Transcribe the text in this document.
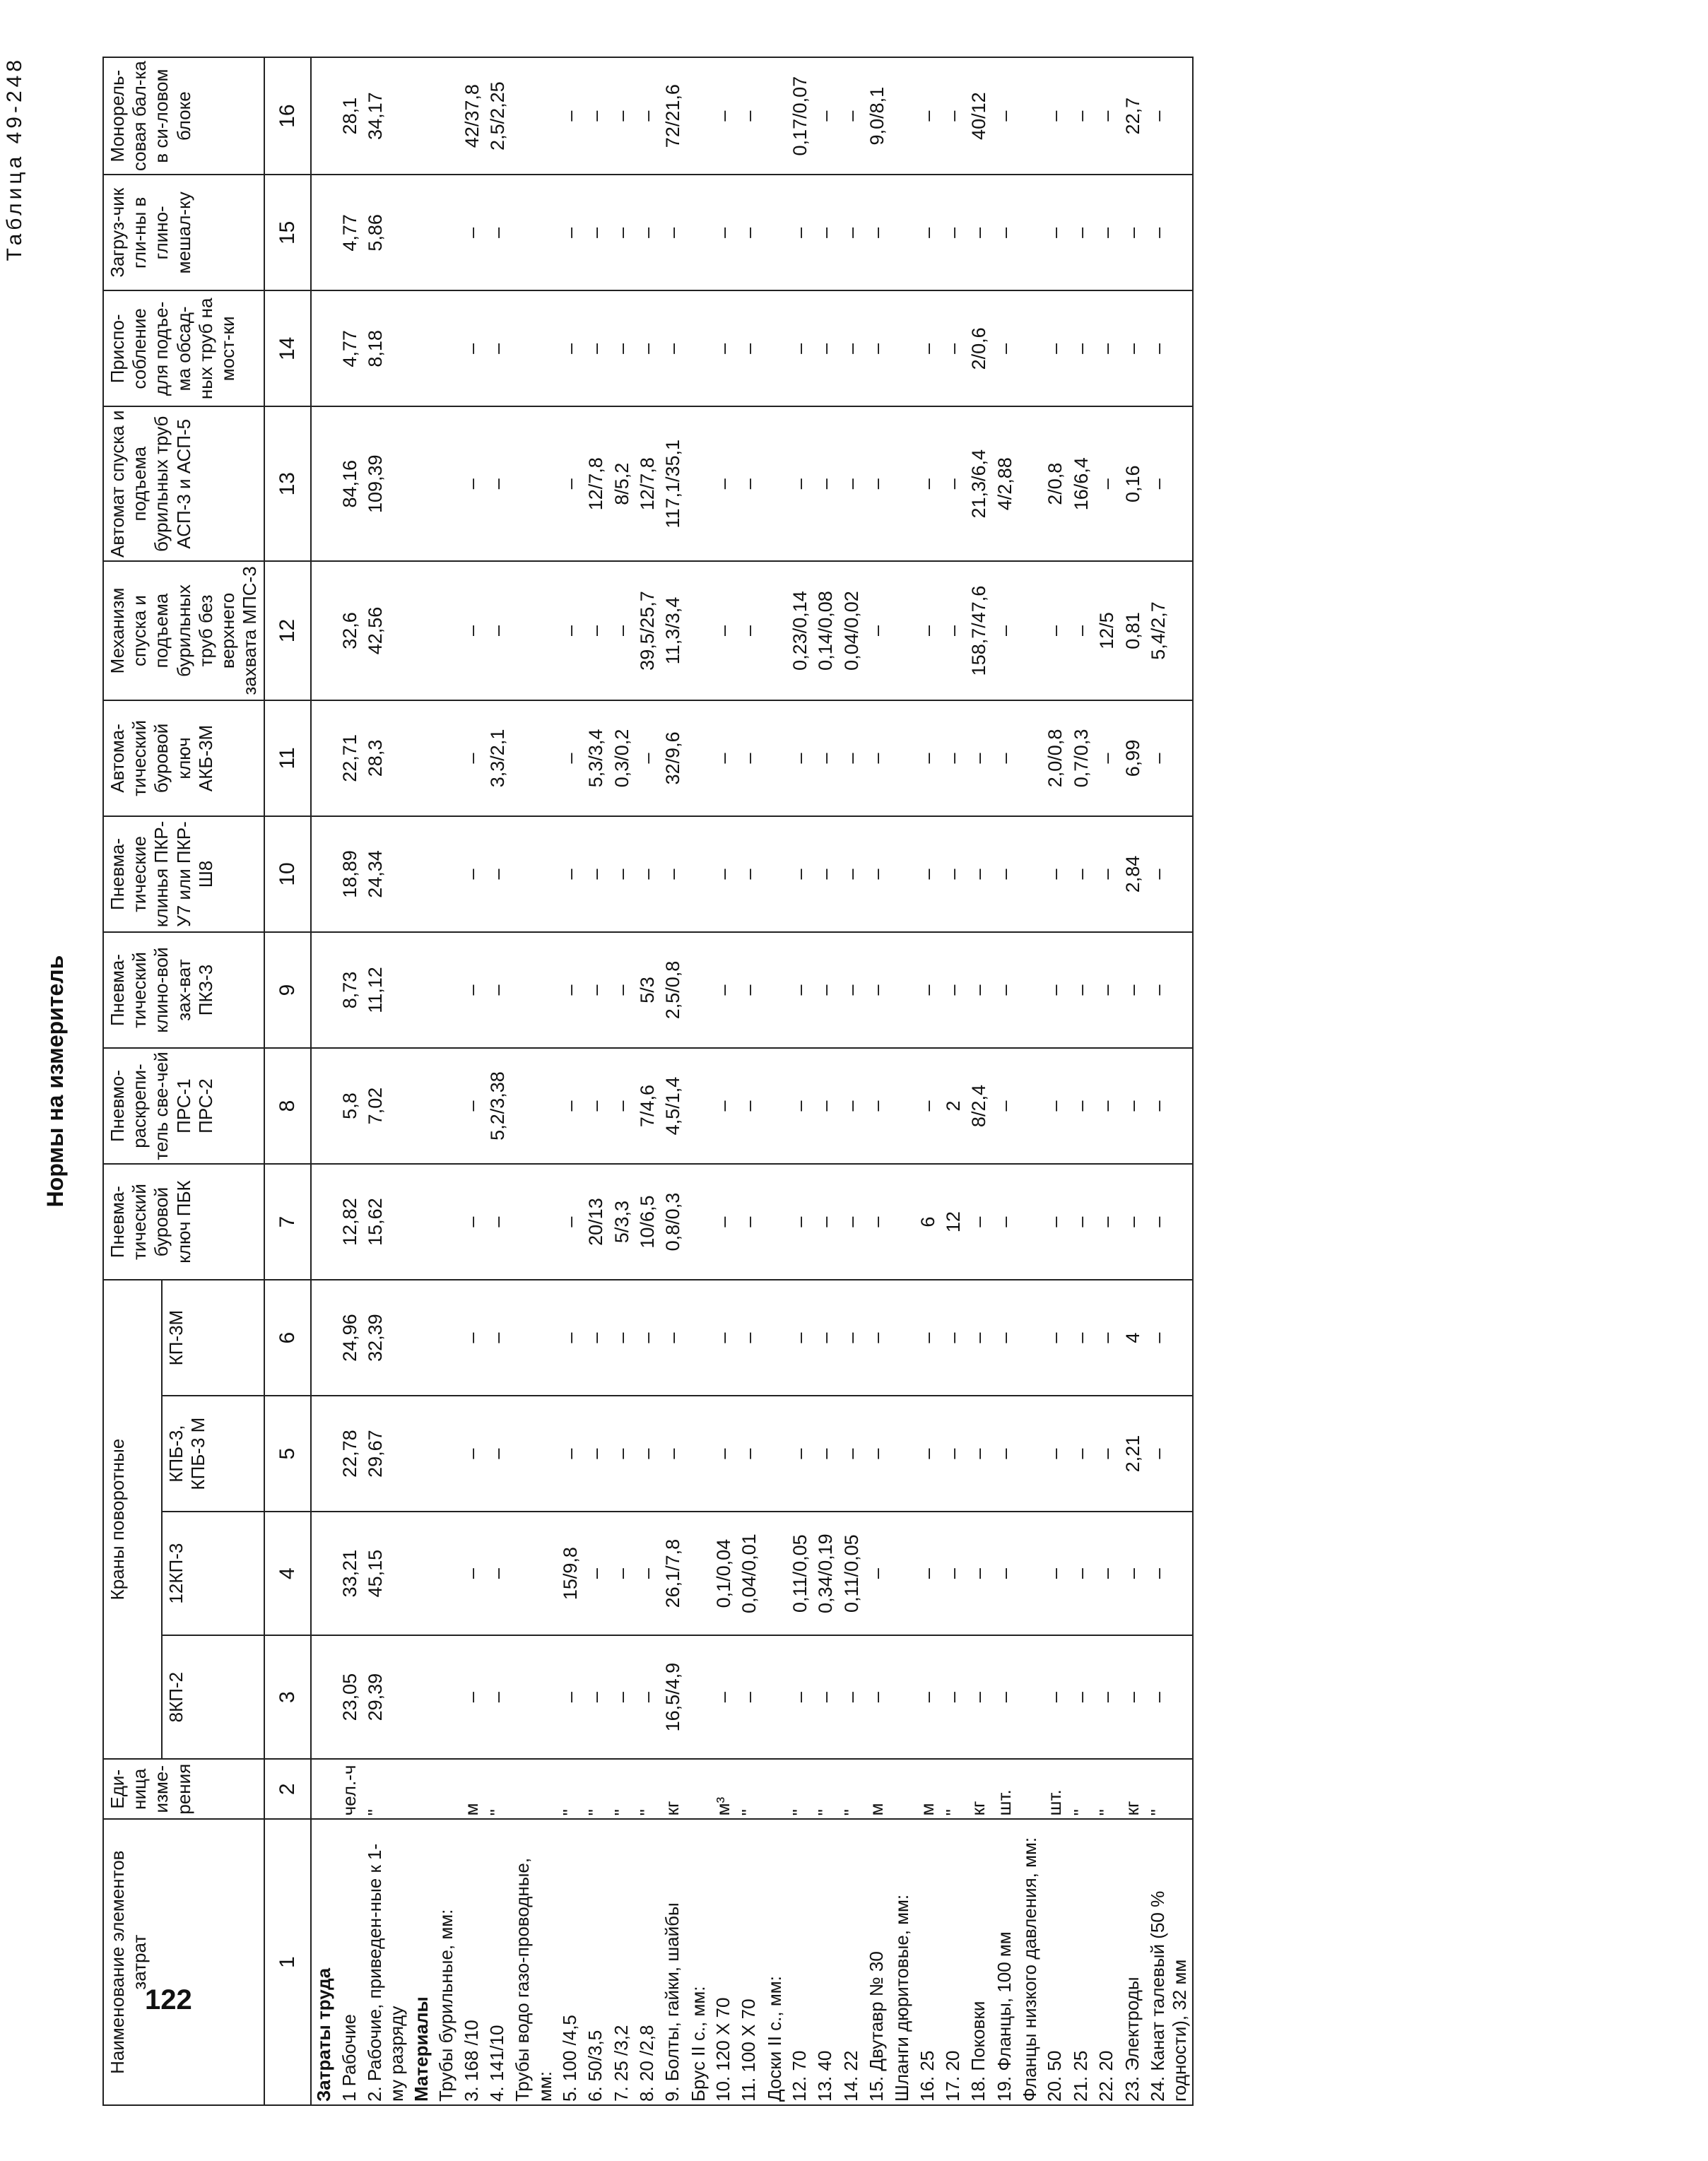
122
Таблица 49-248
Нормы на измеритель
Наименование элементов затрат	Еди-ница изме-рения	Краны поворотные				Пневма-тический буровой ключ ПБК	Пневмо-раскрепи-тель све-чей ПРС-1 ПРС-2	Пневма-тический клино-вой зах-ват ПКЗ-3	Пневма-тические клинья ПКР-У7 или ПКР-Ш8	Автома-тический буровой ключ АКБ-3М	Механизм спуска и подъема бурильных труб без верхнего захвата МПС-3	Автомат спуска и подъема бурильных труб АСП-3 и АСП-5	Приспо-собление для подъе-ма обсад-ных труб на мост-ки	Загруз-чик гли-ны в глино-мешал-ку	Монорель-совая бал-ка в си-ловом блоке
		8КП-2	12КП-3	КПБ-3, КПБ-3 М	КП-3М										
1	2	3	4	5	6	7	8	9	10	11	12	13	14	15	16
Затраты труда															
1 Рабочие	чел.-ч	23,05	33,21	22,78	24,96	12,82	5,8	8,73	18,89	22,71	32,6	84,16	4,77	4,77	28,1
2. Рабочие, приведен-ные к 1-му разряду	"	29,39	45,15	29,67	32,39	15,62	7,02	11,12	24,34	28,3	42,56	109,39	8,18	5,86	34,17
Материалы															
Трубы бурильные, мм:															
3. 168 /10	м	–	–	–	–	–	–	–	–	–	–	–	–	–	42/37,8
4. 141/10	"	–	–	–	–	–	5,2/3,38	–	–	3,3/2,1	–	–	–	–	2,5/2,25
Трубы водо газо-проводные, мм:															
5. 100 /4,5	"	–	15/9,8	–	–	–	–	–	–	–	–	–	–	–	–
6. 50/3,5	"	–	–	–	–	20/13	–	–	–	5,3/3,4	–	12/7,8	–	–	–
7. 25 /3,2	"	–	–	–	–	5/3,3	–	–	–	0,3/0,2	–	8/5,2	–	–	–
8. 20 /2,8	"	–	–	–	–	10/6,5	7/4,6	5/3	–	–	39,5/25,7	12/7,8	–	–	–
9. Болты, гайки, шайбы	кг	16,5/4,9	26,1/7,8	–	–	0,8/0,3	4,5/1,4	2,5/0,8	–	32/9,6	11,3/3,4	117,1/35,1	–	–	72/21,6
Брус II с., мм:															
10. 120 Х 70	м³	–	0,1/0,04	–	–	–	–	–	–	–	–	–	–	–	–
11. 100 Х 70	"	–	0,04/0,01	–	–	–	–	–	–	–	–	–	–	–	–
Доски II с., мм:															
12. 70	"	–	0,11/0,05	–	–	–	–	–	–	–	0,23/0,14	–	–	–	0,17/0,07
13. 40	"	–	0,34/0,19	–	–	–	–	–	–	–	0,14/0,08	–	–	–	–
14. 22	"	–	0,11/0,05	–	–	–	–	–	–	–	0,04/0,02	–	–	–	–
15. Двутавр № 30	м	–	–	–	–	–	–	–	–	–	–	–	–	–	9,0/8,1
Шланги дюритовые, мм:															
16. 25	м	–	–	–	–	6	–	–	–	–	–	–	–	–	–
17. 20	"	–	–	–	–	12	2	–	–	–	–	–	–	–	–
18. Поковки	кг	–	–	–	–	–	8/2,4	–	–	–	158,7/47,6	21,3/6,4	2/0,6	–	40/12
19. Фланцы, 100 мм	шт.	–	–	–	–	–	–	–	–	–	–	4/2,88	–	–	–
Фланцы низкого давления, мм:															
20. 50	шт.	–	–	–	–	–	–	–	–	2,0/0,8	–	2/0,8	–	–	–
21. 25	"	–	–	–	–	–	–	–	–	0,7/0,3	–	16/6,4	–	–	–
22. 20	"	–	–	–	–	–	–	–	–	–	12/5	–	–	–	–
23. Электроды	кг	–	–	2,21	4	–	–	–	2,84	6,99	0,81	0,16	–	–	22,7
24. Канат талевый (50 % годности), 32 мм	"	–	–	–	–	–	–	–	–	–	5,4/2,7	–	–	–	–
